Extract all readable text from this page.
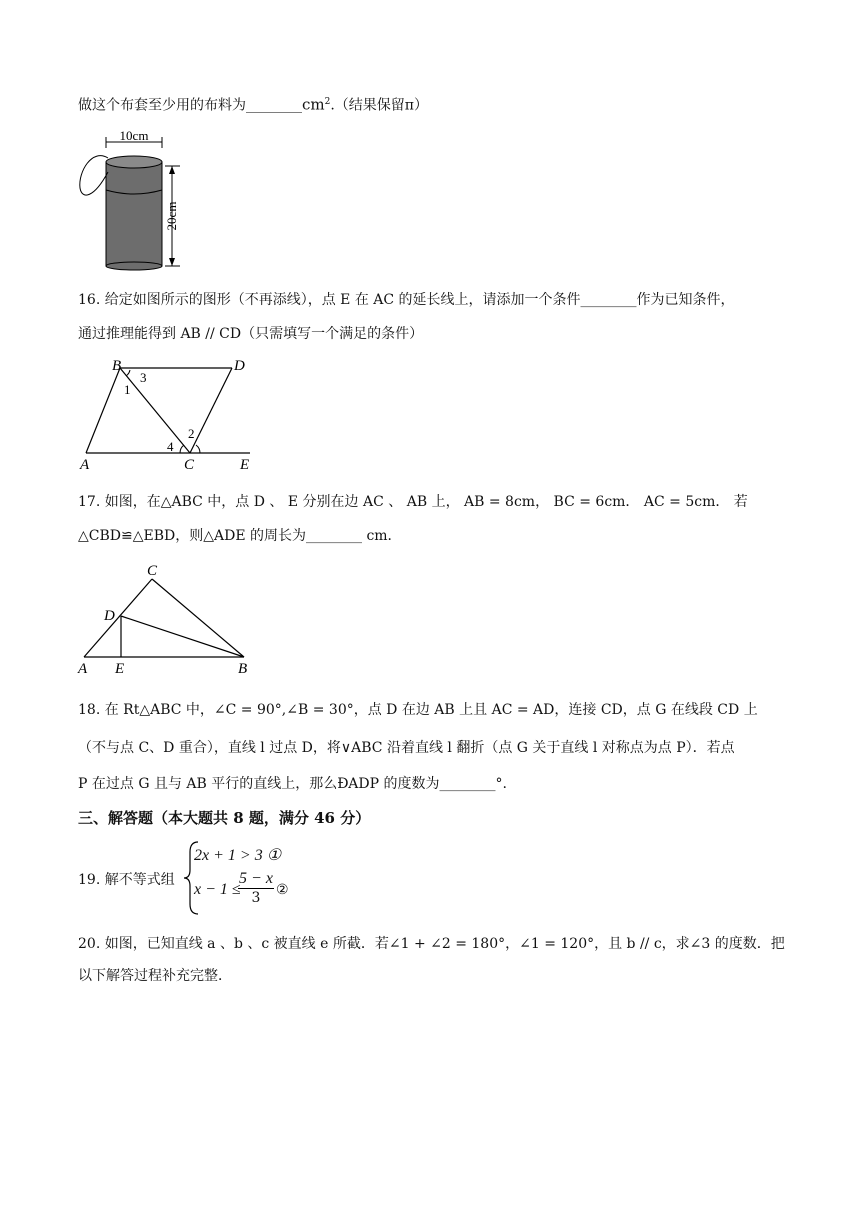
做这个布套至少用的布料为$\_\_\_\_\_\_\_\_cm^2$.（结果保留π）
10cm
20cm
16. 给定如图所示的图形（不再添线），点 E 在 AC 的延长线上，请添加一个条件________作为已知条件，
通过推理能得到 AB // CD（只需填写一个满足的条件）
B	D
A	C	E
1
3
2
4
17. 如图，在△ABC 中，点 D 、 E 分别在边 AC 、 AB 上， AB = 8cm， BC = 6cm． AC = 5cm． 若
△CBD≌△EBD，则△ADE 的周长为________ cm．
C
D
A E	B
18. 在 Rt△ABC 中，∠C = 90°,∠B = 30°，点 D 在边 AB 上且 AC = AD，连接 CD，点 G 在线段 CD 上
（不与点 C、D 重合），直线 l 过点 D，将∨ABC 沿着直线 l 翻折（点 G 关于直线 l 对称点为点 P）．若点
P 在过点 G 且与 AB 平行的直线上，那么ÐADP 的度数为________°.
三、解答题（本大题共 8 题，满分 46 分）
19. 解不等式组
2x + 1 > 3 ①
x − 1 ≤
$\frac{5 - x}{3}$ ②
20. 如图，已知直线 a 、b 、c 被直线 e 所截．若∠1 + ∠2 = 180°，∠1 = 120°，且 b // c，求∠3 的度数．把
以下解答过程补充完整．
